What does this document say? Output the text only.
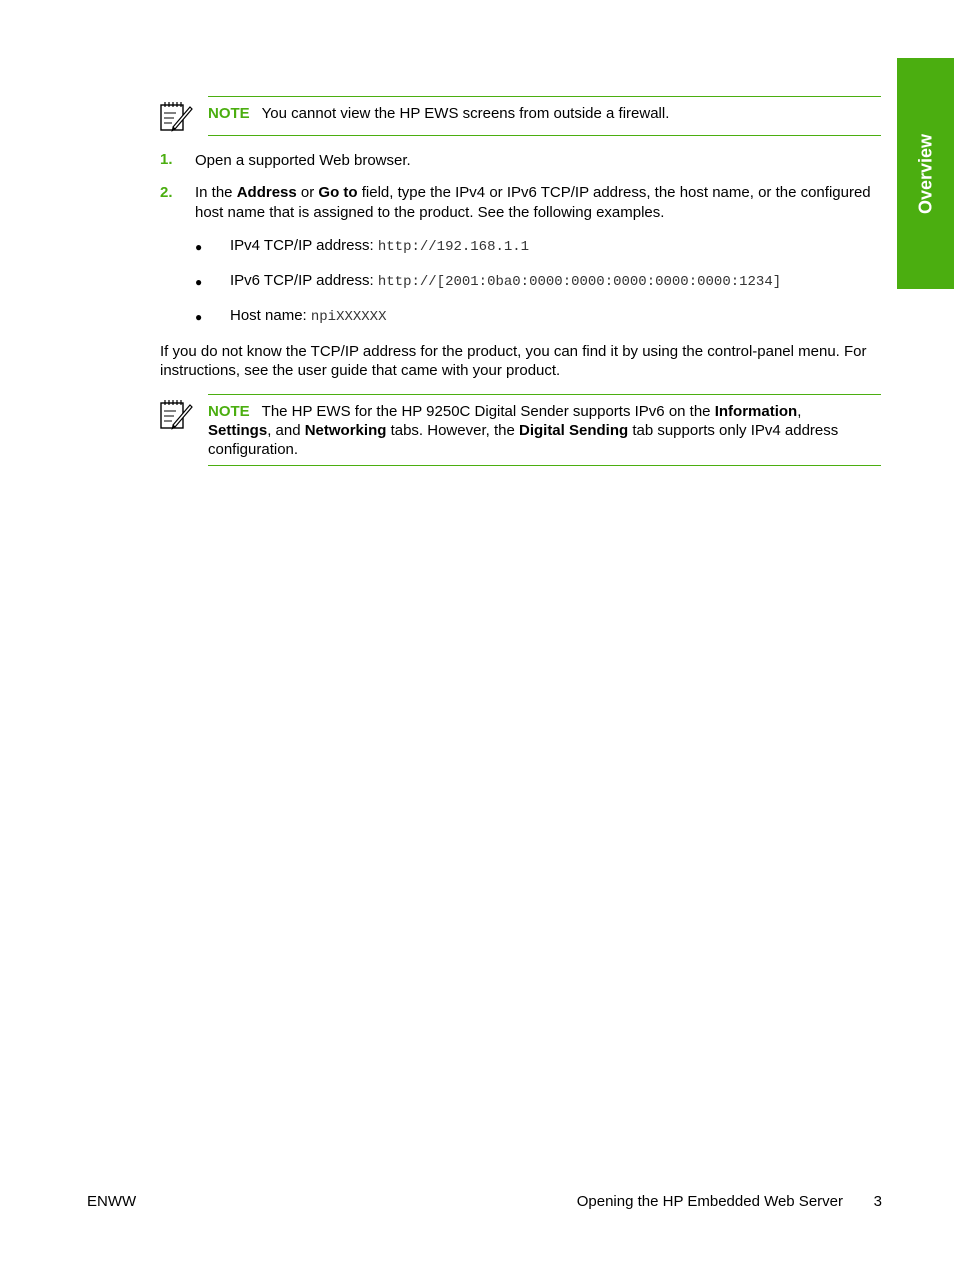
Overview
NOTE You cannot view the HP EWS screens from outside a firewall.
1. Open a supported Web browser.
2. In the Address or Go to field, type the IPv4 or IPv6 TCP/IP address, the host name, or the configured host name that is assigned to the product. See the following examples.
● IPv4 TCP/IP address: http://192.168.1.1
● IPv6 TCP/IP address: http://[2001:0ba0:0000:0000:0000:0000:0000:1234]
● Host name: npiXXXXXX
If you do not know the TCP/IP address for the product, you can find it by using the control-panel menu. For instructions, see the user guide that came with your product.
NOTE The HP EWS for the HP 9250C Digital Sender supports IPv6 on the Information,
Settings, and Networking tabs. However, the Digital Sending tab supports only IPv4 address configuration.
ENWW	Opening the HP Embedded Web Server 3
